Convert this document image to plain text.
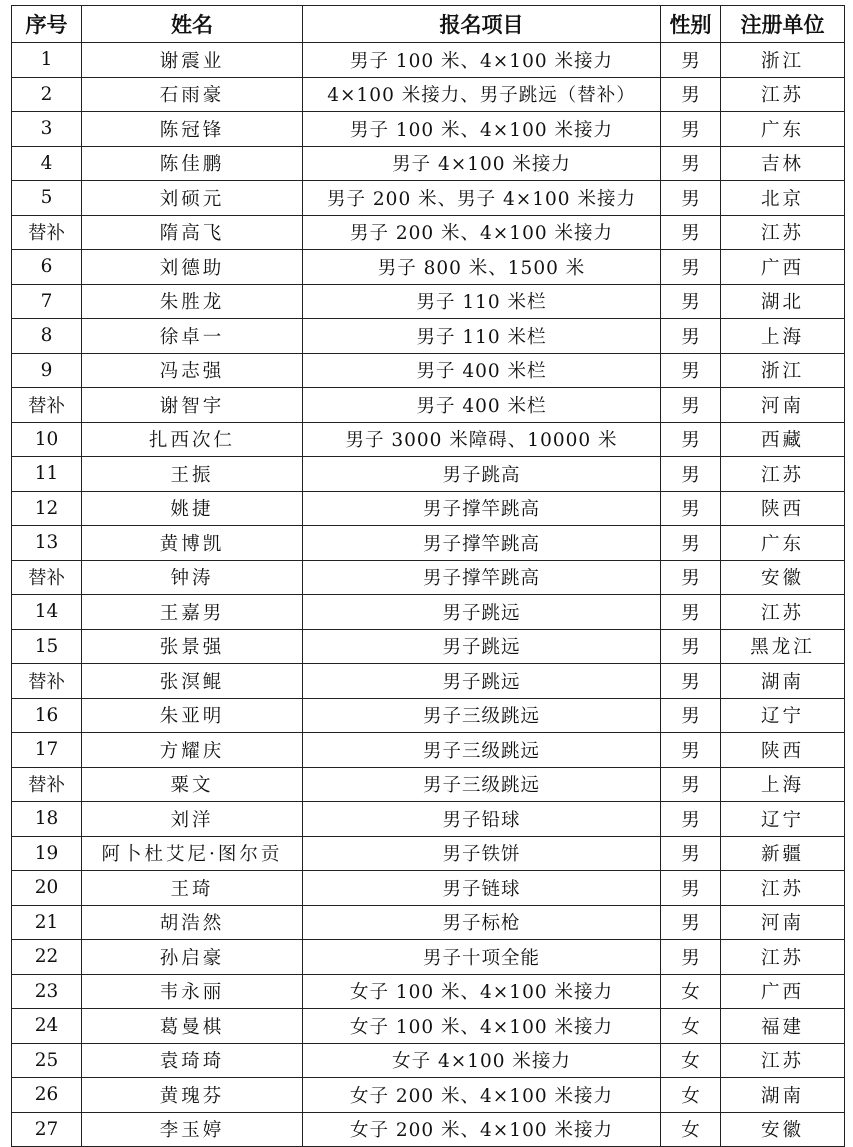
序号	姓名	报名项目	性别	注册单位
1	谢震业	男子 100 米、4×100 米接力	男	浙江
2	石雨豪	4×100 米接力、男子跳远（替补）	男	江苏
3	陈冠锋	男子 100 米、4×100 米接力	男	广东
4	陈佳鹏	男子 4×100 米接力	男	吉林
5	刘硕元	男子 200 米、男子 4×100 米接力	男	北京
替补	隋高飞	男子 200 米、4×100 米接力	男	江苏
6	刘德助	男子 800 米、1500 米	男	广西
7	朱胜龙	男子 110 米栏	男	湖北
8	徐卓一	男子 110 米栏	男	上海
9	冯志强	男子 400 米栏	男	浙江
替补	谢智宇	男子 400 米栏	男	河南
10	扎西次仁	男子 3000 米障碍、10000 米	男	西藏
11	王振	男子跳高	男	江苏
12	姚捷	男子撑竿跳高	男	陕西
13	黄博凯	男子撑竿跳高	男	广东
替补	钟涛	男子撑竿跳高	男	安徽
14	王嘉男	男子跳远	男	江苏
15	张景强	男子跳远	男	黑龙江
替补	张溟鲲	男子跳远	男	湖南
16	朱亚明	男子三级跳远	男	辽宁
17	方耀庆	男子三级跳远	男	陕西
替补	粟文	男子三级跳远	男	上海
18	刘洋	男子铅球	男	辽宁
19	阿卜杜艾尼·图尔贡	男子铁饼	男	新疆
20	王琦	男子链球	男	江苏
21	胡浩然	男子标枪	男	河南
22	孙启豪	男子十项全能	男	江苏
23	韦永丽	女子 100 米、4×100 米接力	女	广西
24	葛曼棋	女子 100 米、4×100 米接力	女	福建
25	袁琦琦	女子 4×100 米接力	女	江苏
26	黄瑰芬	女子 200 米、4×100 米接力	女	湖南
27	李玉婷	女子 200 米、4×100 米接力	女	安徽
